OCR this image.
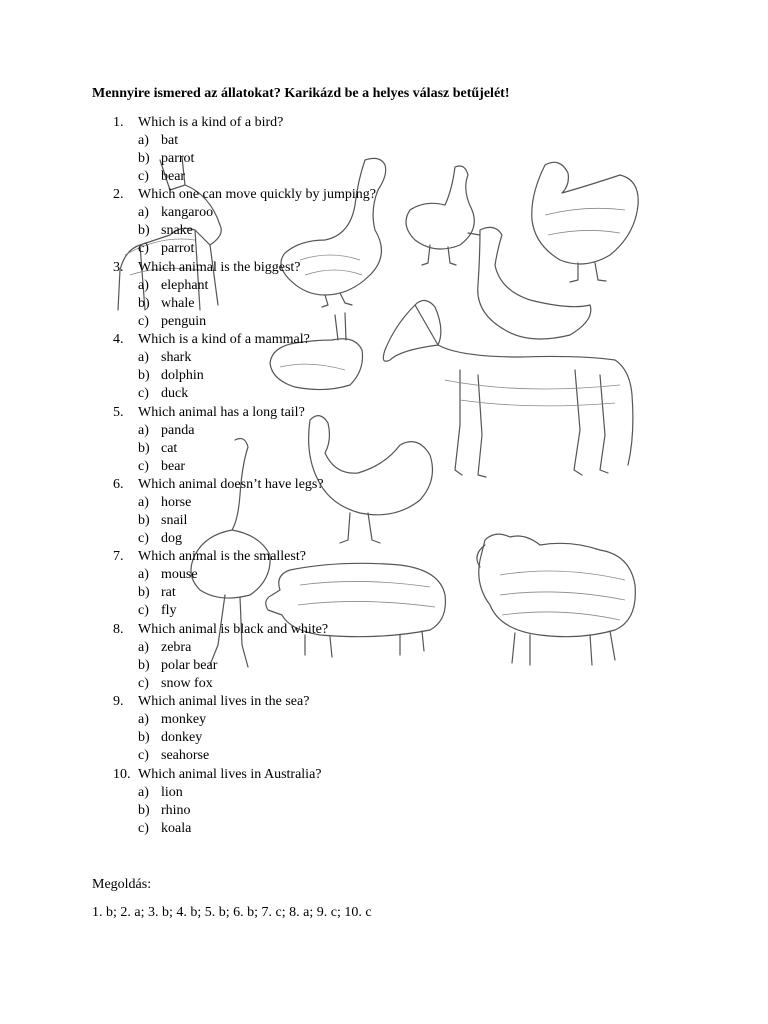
Mennyire ismered az állatokat? Karikázd be a helyes válasz betűjelét!
1. Which is a kind of a bird?
a) bat
b) parrot
c) bear
2. Which one can move quickly by jumping?
a) kangaroo
b) snake
c) parrot
3. Which animal is the biggest?
a) elephant
b) whale
c) penguin
4. Which is a kind of a mammal?
a) shark
b) dolphin
c) duck
5. Which animal has a long tail?
a) panda
b) cat
c) bear
6. Which animal doesn’t have legs?
a) horse
b) snail
c) dog
7. Which animal is the smallest?
a) mouse
b) rat
c) fly
8. Which animal is black and white?
a) zebra
b) polar bear
c) snow fox
9. Which animal lives in the sea?
a) monkey
b) donkey
c) seahorse
10. Which animal lives in Australia?
a) lion
b) rhino
c) koala
Megoldás:
1. b; 2. a; 3. b; 4. b; 5. b; 6. b; 7. c; 8. a; 9. c; 10. c
